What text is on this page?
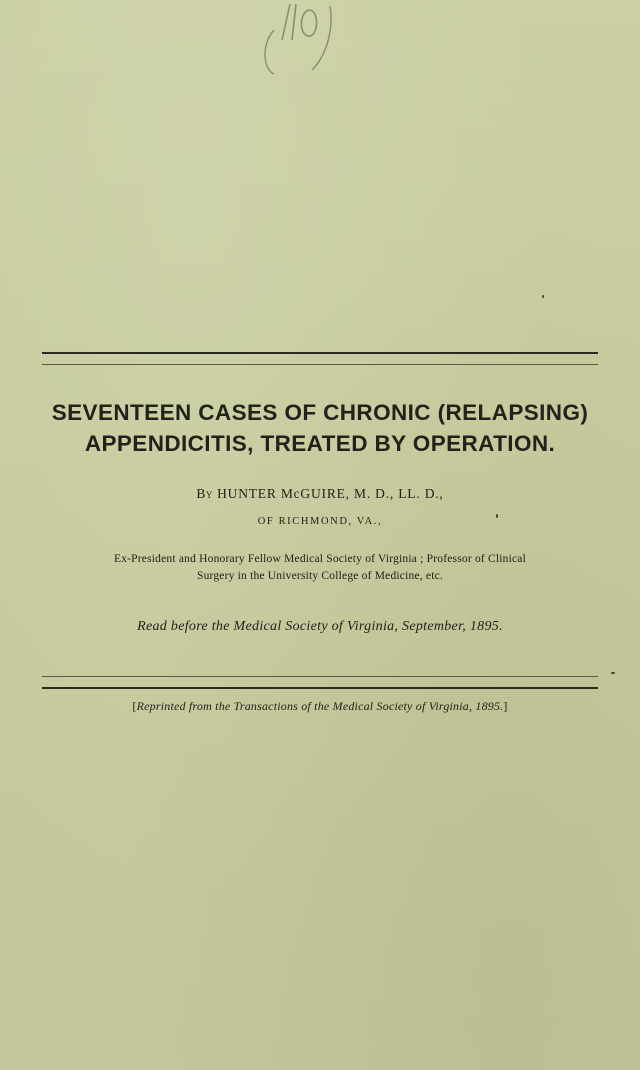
SEVENTEEN CASES OF CHRONIC (RELAPSING)
APPENDICITIS, TREATED BY OPERATION.
By HUNTER McGUIRE, M. D., LL. D.,
OF RICHMOND, VA.,
Ex-President and Honorary Fellow Medical Society of Virginia ; Professor of Clinical
Surgery in the University College of Medicine, etc.
Read before the Medical Society of Virginia, September, 1895.
[Reprinted from the Transactions of the Medical Society of Virginia, 1895.]
